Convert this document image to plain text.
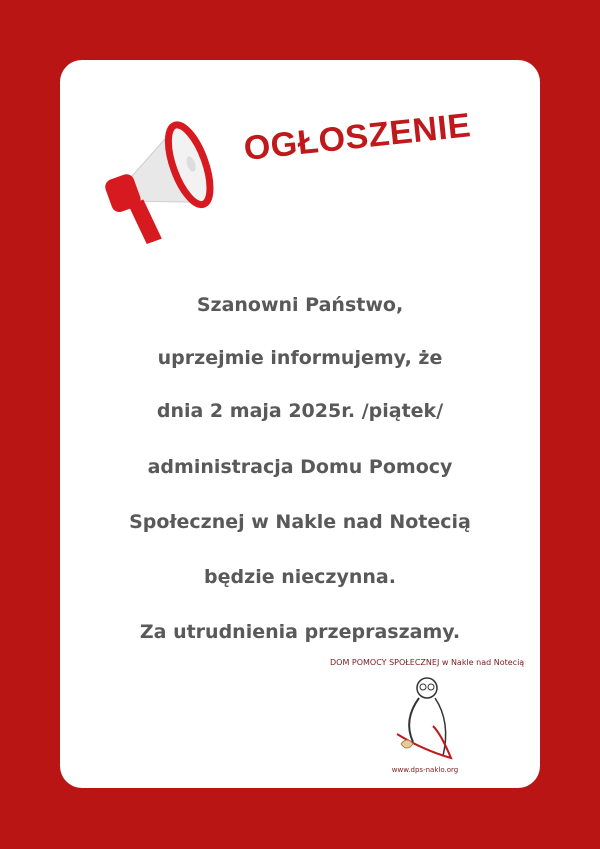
OGŁOSZENIE
Szanowni Państwo,
uprzejmie informujemy, że
dnia 2 maja 2025r. /piątek/
administracja Domu Pomocy
Społecznej w Nakle nad Notecią
będzie nieczynna.
Za utrudnienia przepraszamy.
DOM POMOCY SPOŁECZNEJ w Nakle nad Notecią
www.dps-naklo.org
